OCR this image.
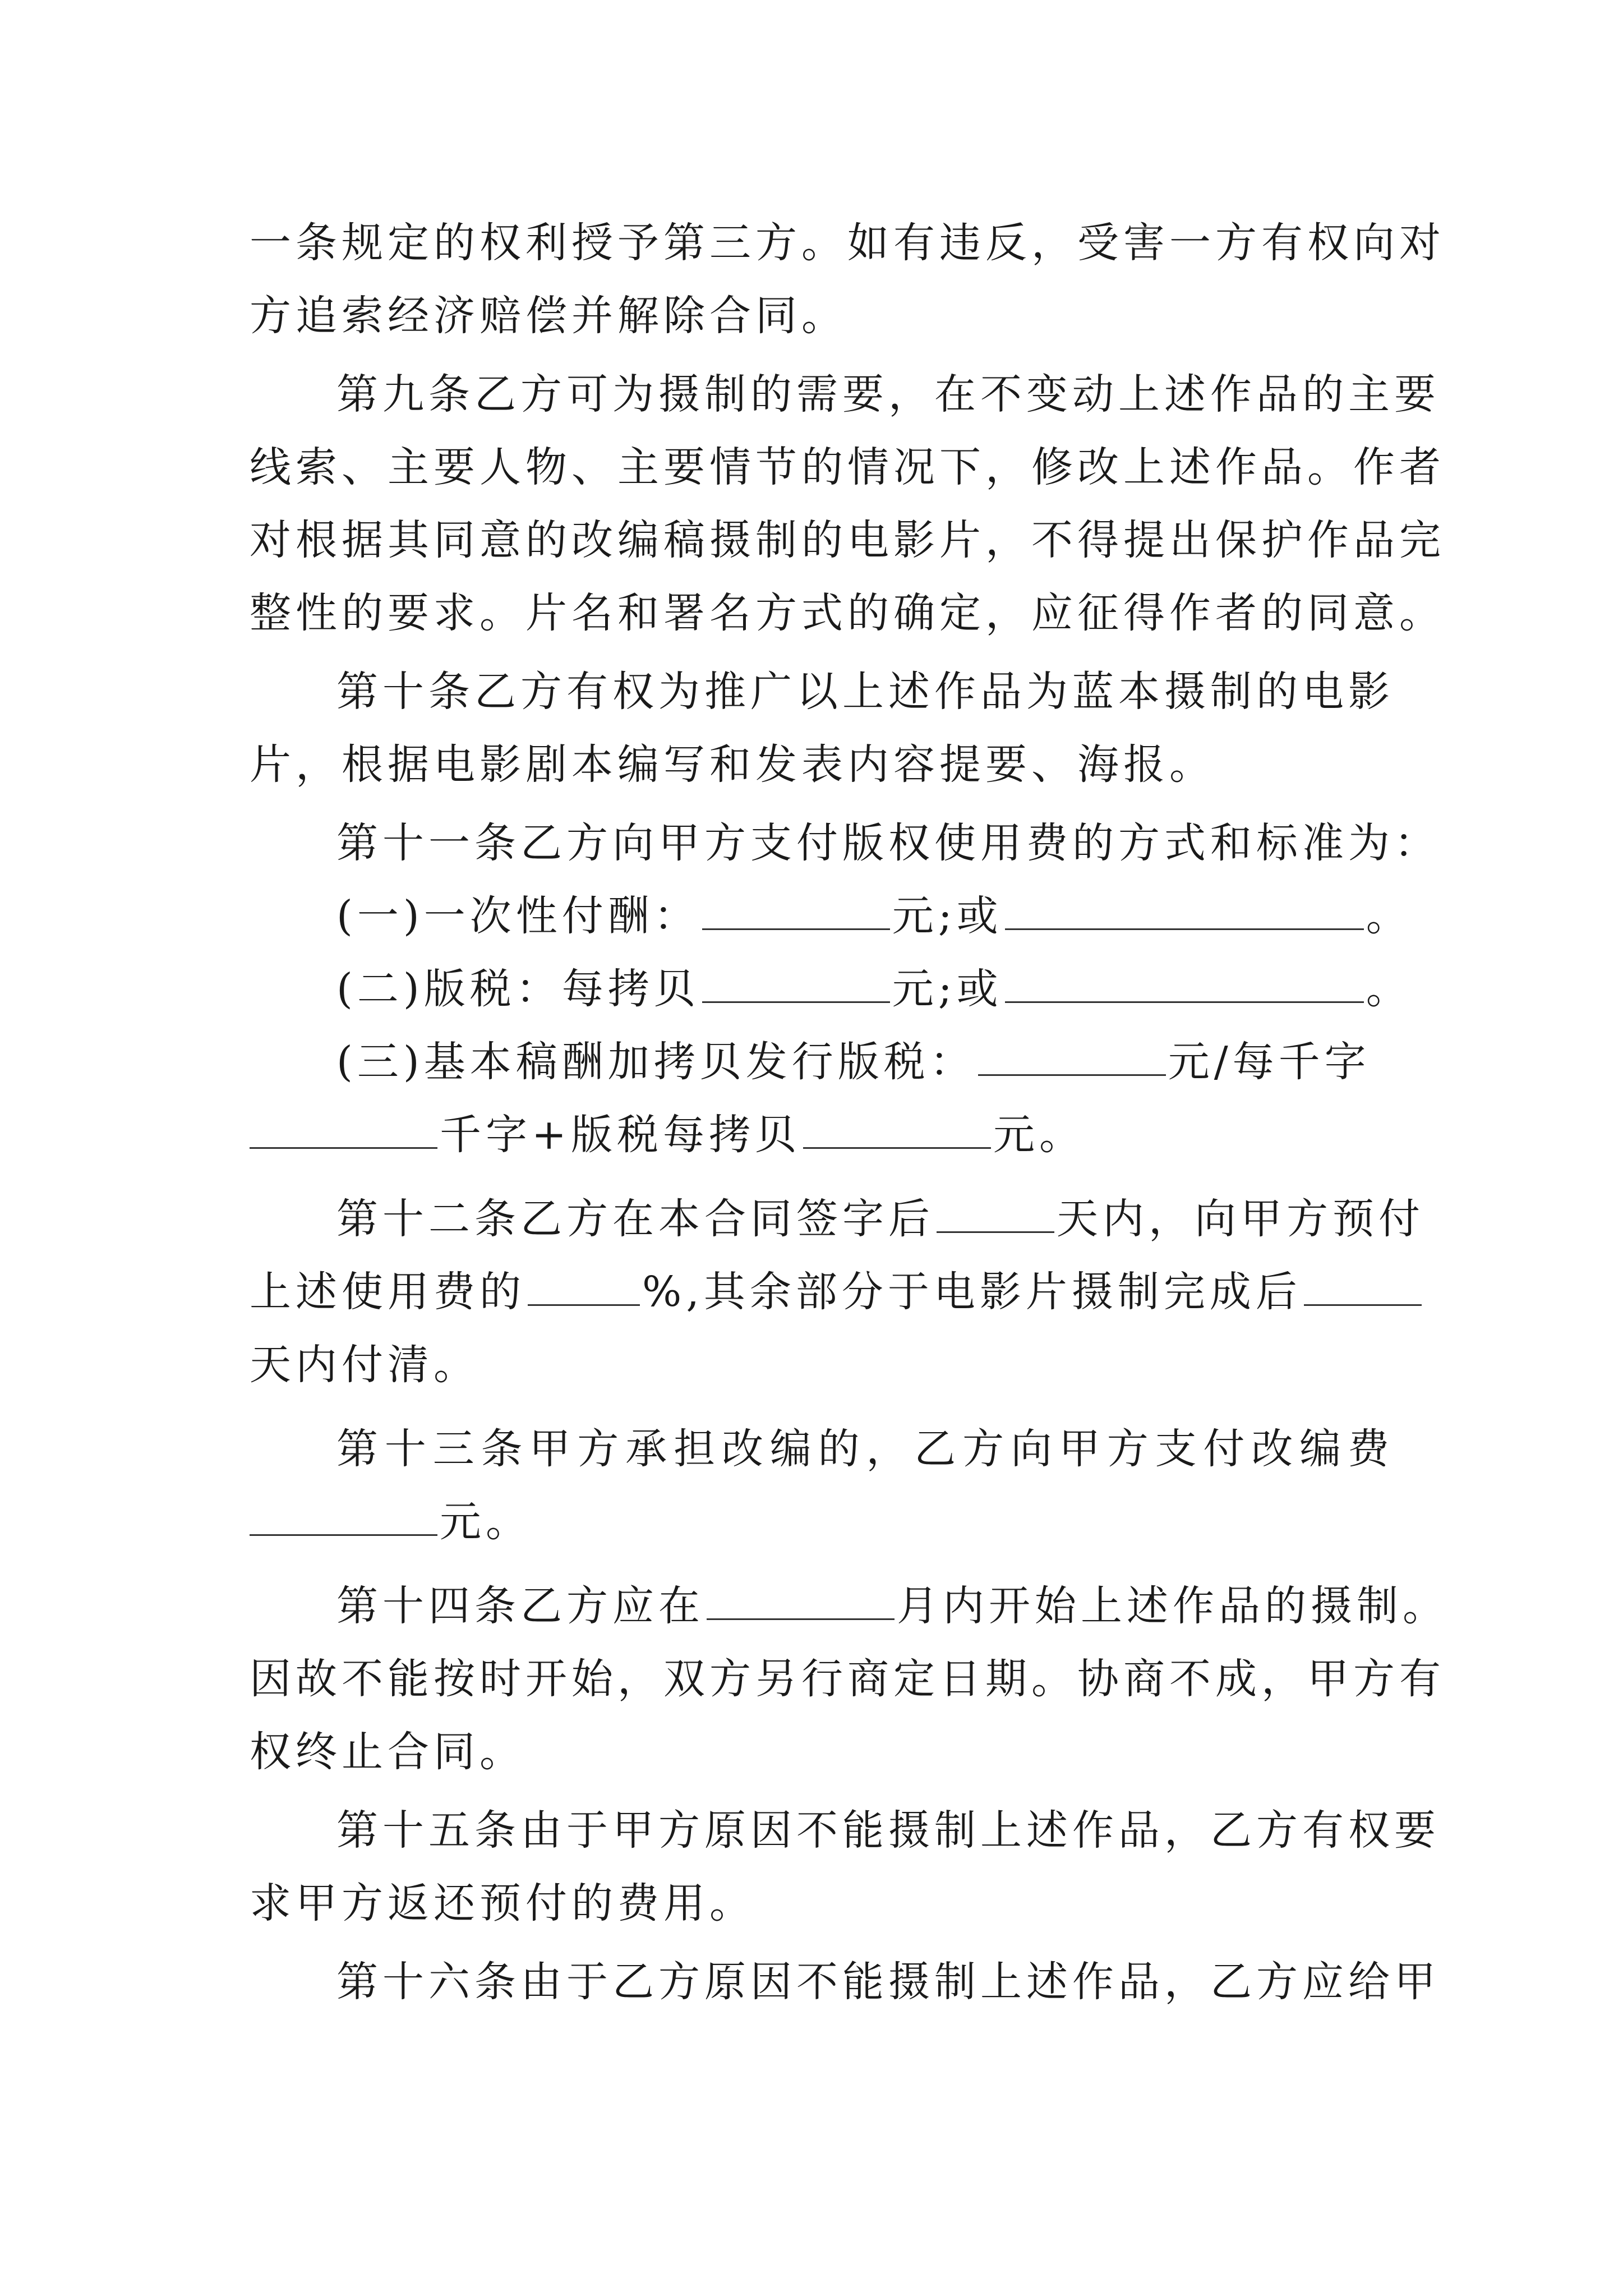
一条规定的权利授予第三方。如有违反，受害一方有权向对
方追索经济赔偿并解除合同。
第九条乙方可为摄制的需要，在不变动上述作品的主要
线索、主要人物、主要情节的情况下，修改上述作品。作者
对根据其同意的改编稿摄制的电影片，不得提出保护作品完
整性的要求。片名和署名方式的确定，应征得作者的同意。
第十条乙方有权为推广以上述作品为蓝本摄制的电影
片，根据电影剧本编写和发表内容提要、海报。
第十一条乙方向甲方支付版权使用费的方式和标准为：
(一)一次性付酬：	元;或	。
(二)版税：每拷贝	元;或	。
(三)基本稿酬加拷贝发行版税：	元/每千字
千字+版税每拷贝	元。
第十二条乙方在本合同签字后	天内，向甲方预付
上述使用费的	%,其余部分于电影片摄制完成后
天内付清。
第十三条甲方承担改编的，乙方向甲方支付改编费
元。
第十四条乙方应在	月内开始上述作品的摄制。
因故不能按时开始，双方另行商定日期。协商不成，甲方有
权终止合同。
第十五条由于甲方原因不能摄制上述作品，乙方有权要
求甲方返还预付的费用。
第十六条由于乙方原因不能摄制上述作品，乙方应给甲
